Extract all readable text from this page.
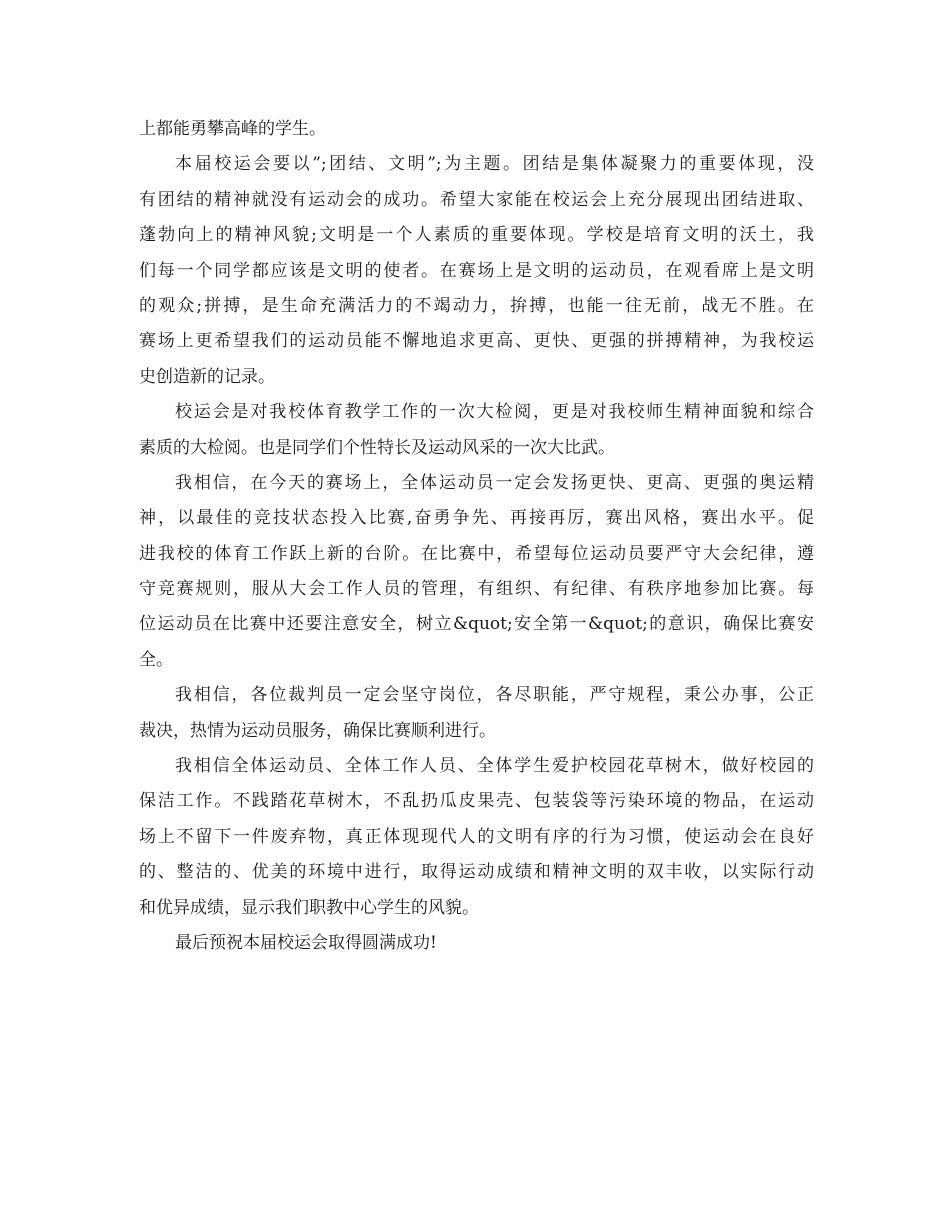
上都能勇攀高峰的学生。
本届校运会要以”;团结、文明”;为主题。团结是集体凝聚力的重要体现，没
有团结的精神就没有运动会的成功。希望大家能在校运会上充分展现出团结进取、
蓬勃向上的精神风貌;文明是一个人素质的重要体现。学校是培育文明的沃土，我
们每一个同学都应该是文明的使者。在赛场上是文明的运动员，在观看席上是文明
的观众;拼搏，是生命充满活力的不竭动力，拚搏，也能一往无前，战无不胜。在
赛场上更希望我们的运动员能不懈地追求更高、更快、更强的拼搏精神，为我校运
史创造新的记录。
校运会是对我校体育教学工作的一次大检阅，更是对我校师生精神面貌和综合
素质的大检阅。也是同学们个性特长及运动风采的一次大比武。
我相信，在今天的赛场上，全体运动员一定会发扬更快、更高、更强的奥运精
神，以最佳的竞技状态投入比赛,奋勇争先、再接再厉，赛出风格，赛出水平。促
进我校的体育工作跃上新的台阶。在比赛中，希望每位运动员要严守大会纪律，遵
守竞赛规则，服从大会工作人员的管理，有组织、有纪律、有秩序地参加比赛。每
位运动员在比赛中还要注意安全，树立&quot;安全第一&quot;的意识，确保比赛安
全。
我相信，各位裁判员一定会坚守岗位，各尽职能，严守规程，秉公办事，公正
裁决，热情为运动员服务，确保比赛顺利进行。
我相信全体运动员、全体工作人员、全体学生爱护校园花草树木，做好校园的
保洁工作。不践踏花草树木，不乱扔瓜皮果壳、包装袋等污染环境的物品，在运动
场上不留下一件废弃物，真正体现现代人的文明有序的行为习惯，使运动会在良好
的、整洁的、优美的环境中进行，取得运动成绩和精神文明的双丰收，以实际行动
和优异成绩，显示我们职教中心学生的风貌。
最后预祝本届校运会取得圆满成功!
